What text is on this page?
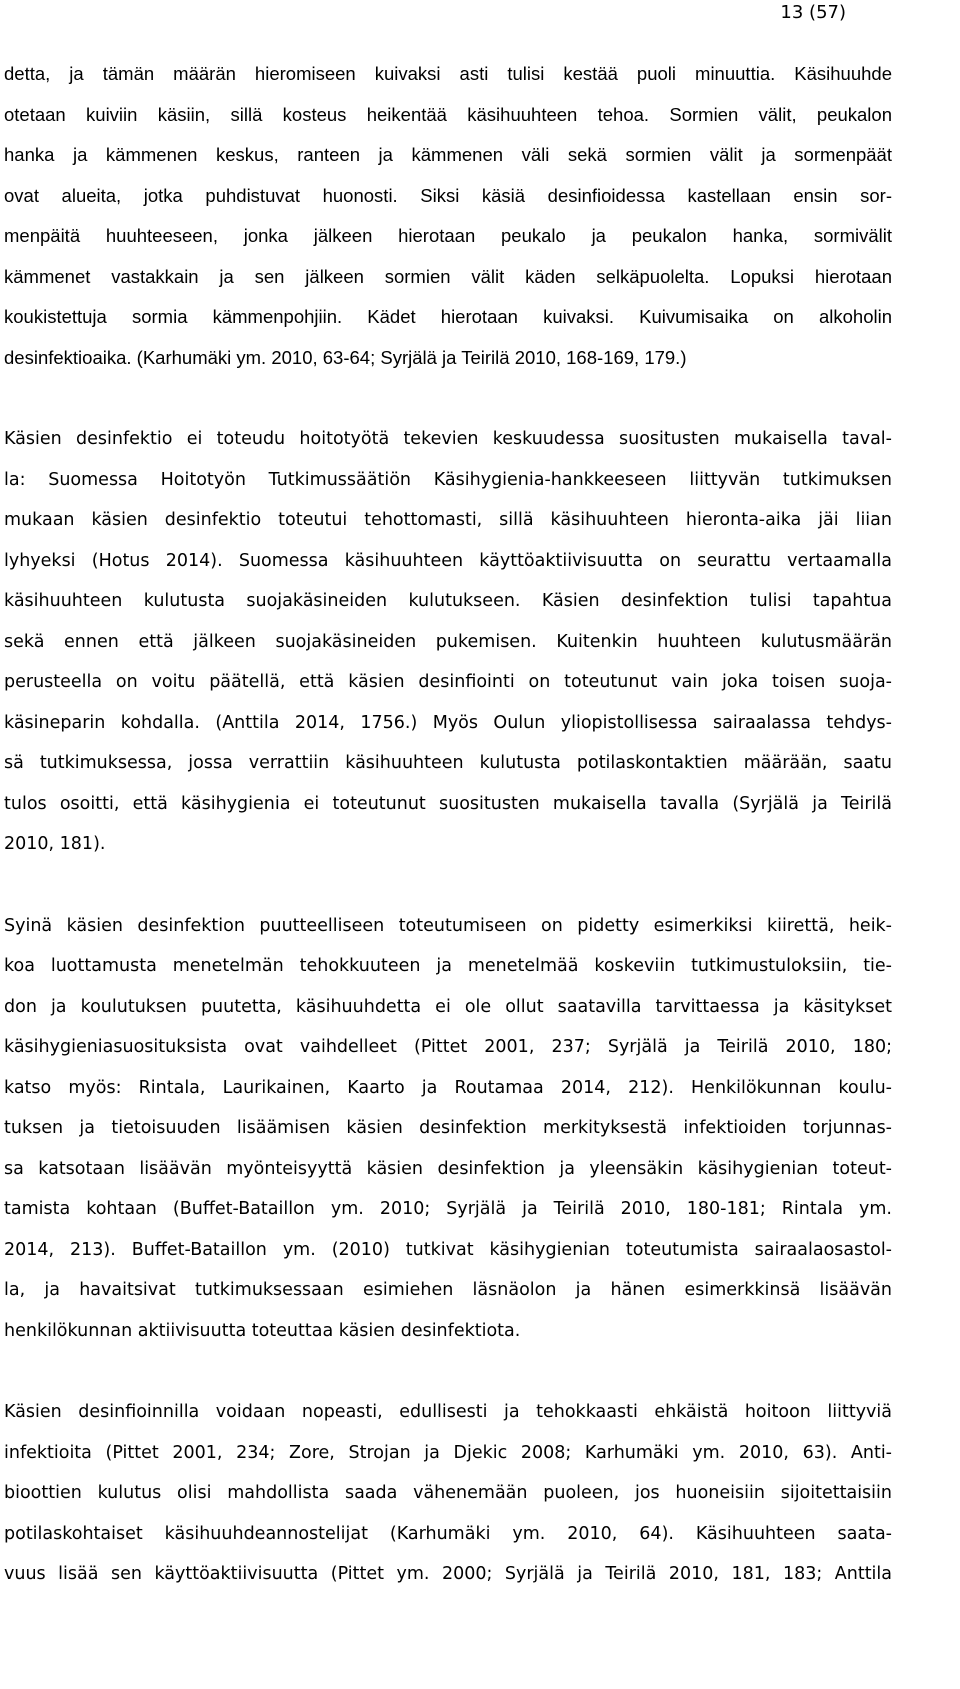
13 (57)
detta, ja tämän määrän hieromiseen kuivaksi asti tulisi kestää puoli minuuttia. Käsihuuhde
otetaan kuiviin käsiin, sillä kosteus heikentää käsihuuhteen tehoa. Sormien välit, peukalon
hanka ja kämmenen keskus, ranteen ja kämmenen väli sekä sormien välit ja sormenpäät
ovat alueita, jotka puhdistuvat huonosti. Siksi käsiä desinfioidessa kastellaan ensin sor-
menpäitä huuhteeseen, jonka jälkeen hierotaan peukalo ja peukalon hanka, sormivälit
kämmenet vastakkain ja sen jälkeen sormien välit käden selkäpuolelta. Lopuksi hierotaan
koukistettuja sormia kämmenpohjiin. Kädet hierotaan kuivaksi. Kuivumisaika on alkoholin
desinfektioaika. (Karhumäki ym. 2010, 63-64; Syrjälä ja Teirilä 2010, 168-169, 179.)
Käsien desinfektio ei toteudu hoitotyötä tekevien keskuudessa suositusten mukaisella taval-
la: Suomessa Hoitotyön Tutkimussäätiön Käsihygienia-hankkeeseen liittyvän tutkimuksen
mukaan käsien desinfektio toteutui tehottomasti, sillä käsihuuhteen hieronta-aika jäi liian
lyhyeksi (Hotus 2014). Suomessa käsihuuhteen käyttöaktiivisuutta on seurattu vertaamalla
käsihuuhteen kulutusta suojakäsineiden kulutukseen. Käsien desinfektion tulisi tapahtua
sekä ennen että jälkeen suojakäsineiden pukemisen. Kuitenkin huuhteen kulutusmäärän
perusteella on voitu päätellä, että käsien desinfiointi on toteutunut vain joka toisen suoja-
käsineparin kohdalla. (Anttila 2014, 1756.) Myös Oulun yliopistollisessa sairaalassa tehdys-
sä tutkimuksessa, jossa verrattiin käsihuuhteen kulutusta potilaskontaktien määrään, saatu
tulos osoitti, että käsihygienia ei toteutunut suositusten mukaisella tavalla (Syrjälä ja Teirilä
2010, 181).
Syinä käsien desinfektion puutteelliseen toteutumiseen on pidetty esimerkiksi kiirettä, heik-
koa luottamusta menetelmän tehokkuuteen ja menetelmää koskeviin tutkimustuloksiin, tie-
don ja koulutuksen puutetta, käsihuuhdetta ei ole ollut saatavilla tarvittaessa ja käsitykset
käsihygieniasuosituksista ovat vaihdelleet (Pittet 2001, 237; Syrjälä ja Teirilä 2010, 180;
katso myös: Rintala, Laurikainen, Kaarto ja Routamaa 2014, 212). Henkilökunnan koulu-
tuksen ja tietoisuuden lisäämisen käsien desinfektion merkityksestä infektioiden torjunnas-
sa katsotaan lisäävän myönteisyyttä käsien desinfektion ja yleensäkin käsihygienian toteut-
tamista kohtaan (Buffet-Bataillon ym. 2010; Syrjälä ja Teirilä 2010, 180-181; Rintala ym.
2014, 213). Buffet-Bataillon ym. (2010) tutkivat käsihygienian toteutumista sairaalaosastol-
la, ja havaitsivat tutkimuksessaan esimiehen läsnäolon ja hänen esimerkkinsä lisäävän
henkilökunnan aktiivisuutta toteuttaa käsien desinfektiota.
Käsien desinfioinnilla voidaan nopeasti, edullisesti ja tehokkaasti ehkäistä hoitoon liittyviä
infektioita (Pittet 2001, 234; Zore, Strojan ja Djekic 2008; Karhumäki ym. 2010, 63). Anti-
bioottien kulutus olisi mahdollista saada vähenemään puoleen, jos huoneisiin sijoitettaisiin
potilaskohtaiset käsihuuhdeannostelijat (Karhumäki ym. 2010, 64). Käsihuuhteen saata-
vuus lisää sen käyttöaktiivisuutta (Pittet ym. 2000; Syrjälä ja Teirilä 2010, 181, 183; Anttila
